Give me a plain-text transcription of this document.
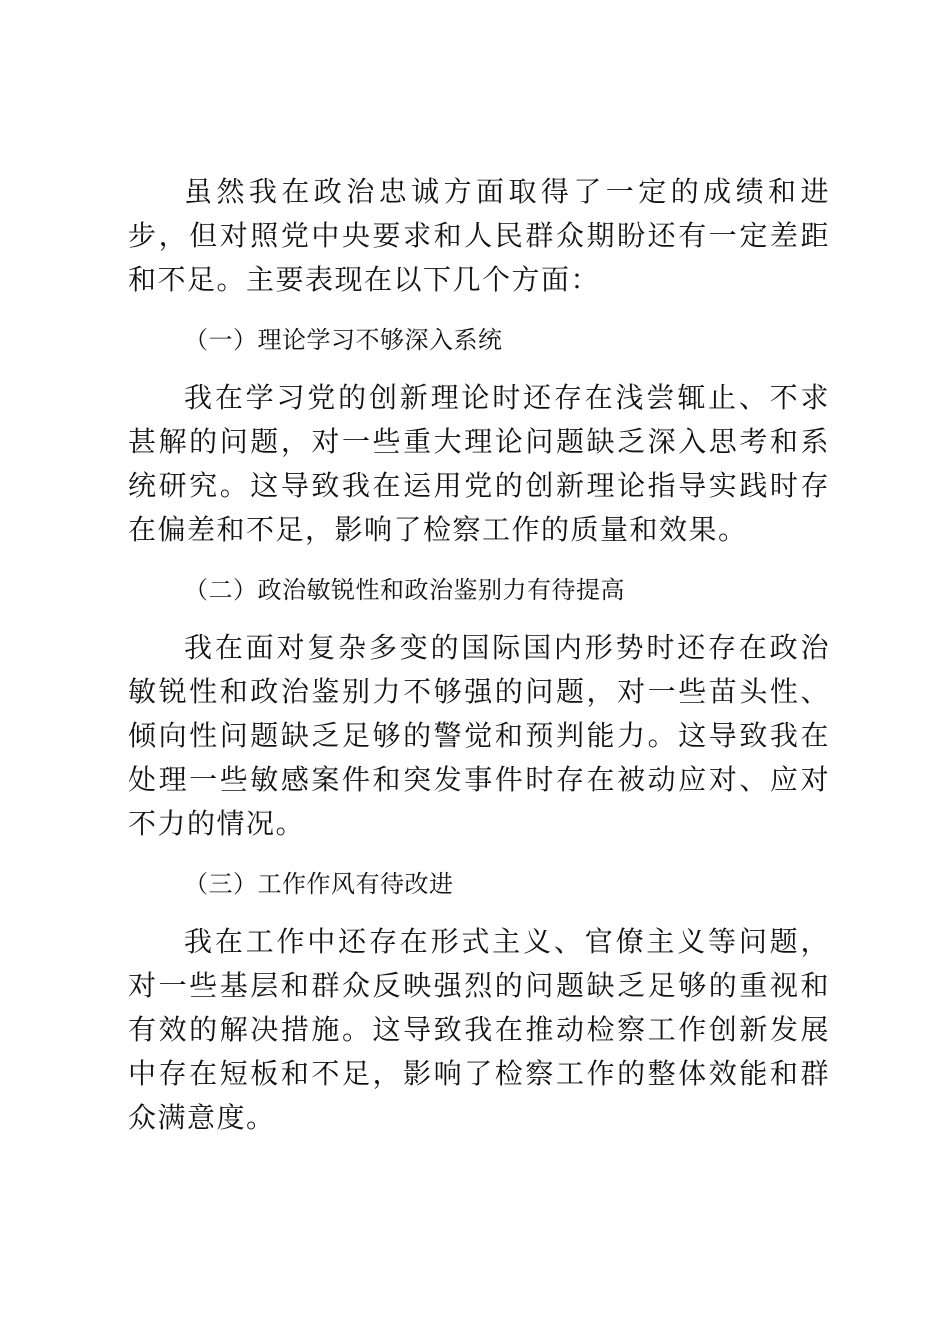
虽然我在政治忠诚方面取得了一定的成绩和进步，但对照党中央要求和人民群众期盼还有一定差距和不足。主要表现在以下几个方面：

（一）理论学习不够深入系统

我在学习党的创新理论时还存在浅尝辄止、不求甚解的问题，对一些重大理论问题缺乏深入思考和系统研究。这导致我在运用党的创新理论指导实践时存在偏差和不足，影响了检察工作的质量和效果。

（二）政治敏锐性和政治鉴别力有待提高

我在面对复杂多变的国际国内形势时还存在政治敏锐性和政治鉴别力不够强的问题，对一些苗头性、倾向性问题缺乏足够的警觉和预判能力。这导致我在处理一些敏感案件和突发事件时存在被动应对、应对不力的情况。

（三）工作作风有待改进

我在工作中还存在形式主义、官僚主义等问题，对一些基层和群众反映强烈的问题缺乏足够的重视和有效的解决措施。这导致我在推动检察工作创新发展中存在短板和不足，影响了检察工作的整体效能和群众满意度。
